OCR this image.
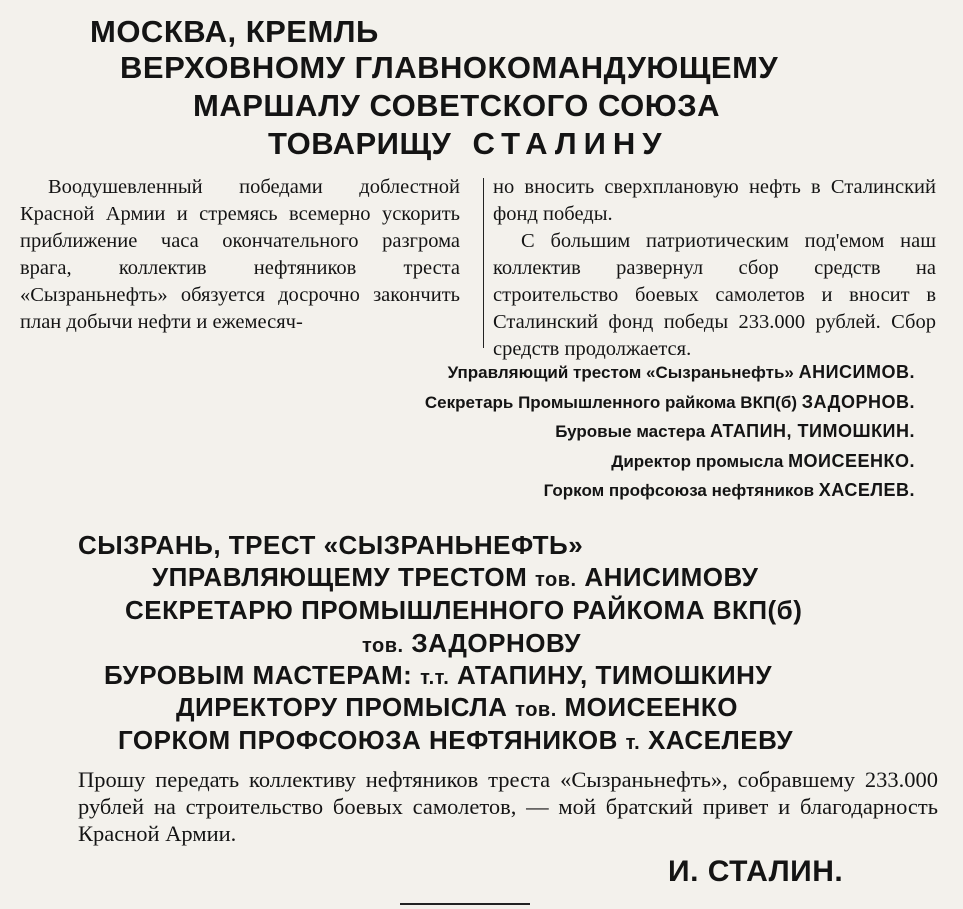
МОСКВА, КРЕМЛЬ
ВЕРХОВНОМУ ГЛАВНОКОМАНДУЮЩЕМУ
МАРШАЛУ СОВЕТСКОГО СОЮЗА
ТОВАРИЩУ СТАЛИНУ

Воодушевленный победами доблестной Красной Армии и стремясь всемерно ускорить приближение часа окончательного разгрома врага, коллектив нефтяников треста «Сызраньнефть» обязуется досрочно закончить план добычи нефти и ежемесяч-

но вносить сверхплановую нефть в Сталинский фонд победы.

С большим патриотическим под'емом наш коллектив развернул сбор средств на строительство боевых самолетов и вносит в Сталинский фонд победы 233.000 рублей. Сбор средств продолжается.

Управляющий трестом «Сызраньнефть» АНИСИМОВ.
Секретарь Промышленного райкома ВКП(б) ЗАДОРНОВ.
Буровые мастера АТАПИН, ТИМОШКИН.
Директор промысла МОИСЕЕНКО.
Горком профсоюза нефтяников ХАСЕЛЕВ.
СЫЗРАНЬ, ТРЕСТ «СЫЗРАНЬНЕФТЬ»
УПРАВЛЯЮЩЕМУ ТРЕСТОМ тов. АНИСИМОВУ
СЕКРЕТАРЮ ПРОМЫШЛЕННОГО РАЙКОМА ВКП(б)
тов. ЗАДОРНОВУ
БУРОВЫМ МАСТЕРАМ: т.т. АТАПИНУ, ТИМОШКИНУ
ДИРЕКТОРУ ПРОМЫСЛА тов. МОИСЕЕНКО
ГОРКОМ ПРОФСОЮЗА НЕФТЯНИКОВ т. ХАСЕЛЕВУ

Прошу передать коллективу нефтяников треста «Сызраньнефть», собравшему 233.000 рублей на строительство боевых самолетов, — мой братский привет и благодарность Красной Армии.

И. СТАЛИН.
